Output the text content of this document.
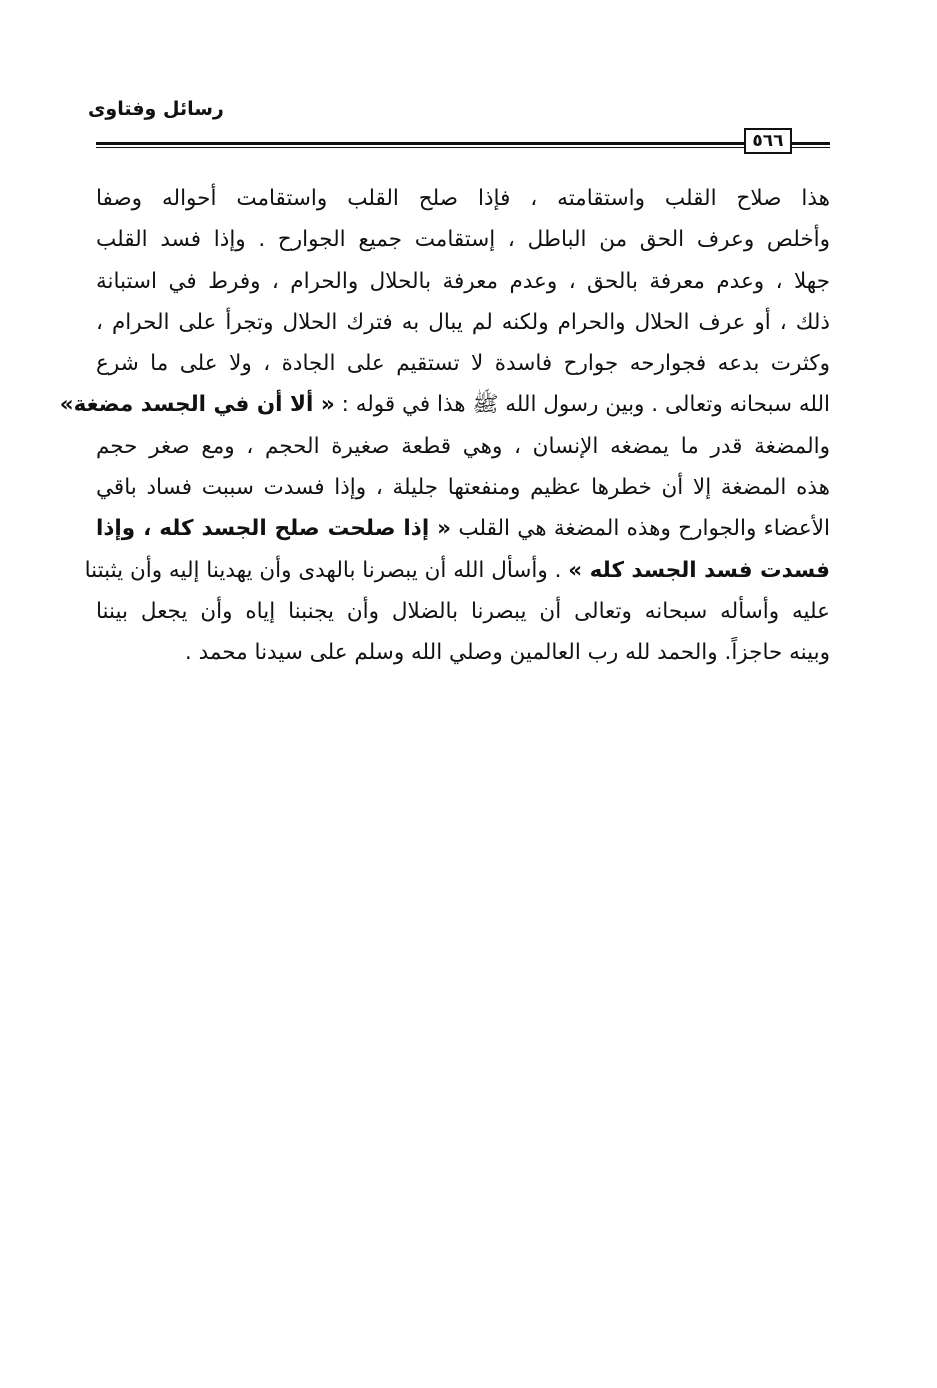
رسائل وفتاوى
٥٦٦
هذا صلاح القلب واستقامته ، فإذا صلح القلب واستقامت أحواله وصفا
وأخلص وعرف الحق من الباطل ، إستقامت جميع الجوارح . وإذا فسد القلب
جهلا ، وعدم معرفة بالحق ، وعدم معرفة بالحلال والحرام ، وفرط في استبانة
ذلك ، أو عرف الحلال والحرام ولكنه لم يبال به فترك الحلال وتجرأ على الحرام ،
وكثرت بدعه فجوارحه جوارح فاسدة لا تستقيم على الجادة ، ولا على ما شرع
الله سبحانه وتعالى . وبين رسول الله ﷺ هذا في قوله : « ألا أن في الجسد مضغة»
والمضغة قدر ما يمضغه الإنسان ، وهي قطعة صغيرة الحجم ، ومع صغر حجم
هذه المضغة إلا أن خطرها عظيم ومنفعتها جليلة ، وإذا فسدت سببت فساد باقي
الأعضاء والجوارح وهذه المضغة هي القلب « إذا صلحت صلح الجسد كله ، وإذا
فسدت فسد الجسد كله » . وأسأل الله أن يبصرنا بالهدى وأن يهدينا إليه وأن يثبتنا
عليه وأسأله سبحانه وتعالى أن يبصرنا بالضلال وأن يجنبنا إياه وأن يجعل بيننا
وبينه حاجزاً. والحمد لله رب العالمين وصلي الله وسلم على سيدنا محمد .
